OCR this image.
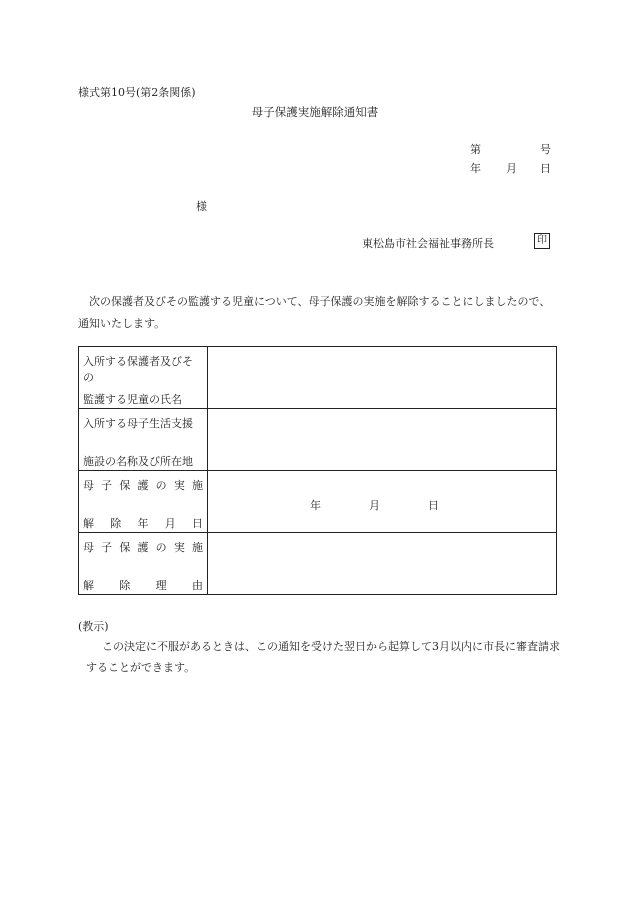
様式第10号(第2条関係)
母子保護実施解除通知書
第	号
年 月 日
様
東松島市社会福祉事務所長	印
次の保護者及びその監護する児童について、母子保護の実施を解除することにしましたので、通知いたします。
入所する保護者及びその
監護する児童の氏名	

入所する母子生活支援
施設の名称及び所在地	

母子保護の実施
解除年月日	年 月 日

母子保護の実施
解除理由	

(教示)
この決定に不服があるときは、この通知を受けた翌日から起算して3月以内に市長に審査請求することができます。
